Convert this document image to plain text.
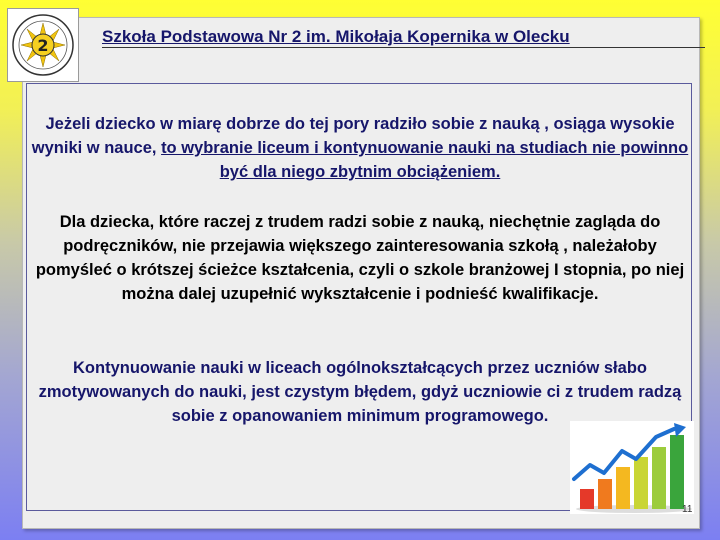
2	Szkoła Podstawowa Nr 2 im. Mikołaja Kopernika w Olecku

Jeżeli dziecko w miarę dobrze do tej pory radziło sobie z nauką , osiąga wysokie wyniki w nauce, to wybranie liceum i kontynuowanie nauki na studiach nie powinno być dla niego zbytnim obciążeniem.

Dla dziecka, które raczej z trudem radzi sobie z nauką, niechętnie zagląda do podręczników, nie przejawia większego zainteresowania szkołą , należałoby pomyśleć o krótszej ścieżce kształcenia, czyli o szkole branżowej I stopnia, po niej można dalej uzupełnić wykształcenie i podnieść kwalifikacje.

Kontynuowanie nauki w liceach ogólnokształcących przez uczniów słabo zmotywowanych do nauki, jest czystym błędem, gdyż uczniowie ci z trudem radzą sobie z opanowaniem minimum programowego.

11
